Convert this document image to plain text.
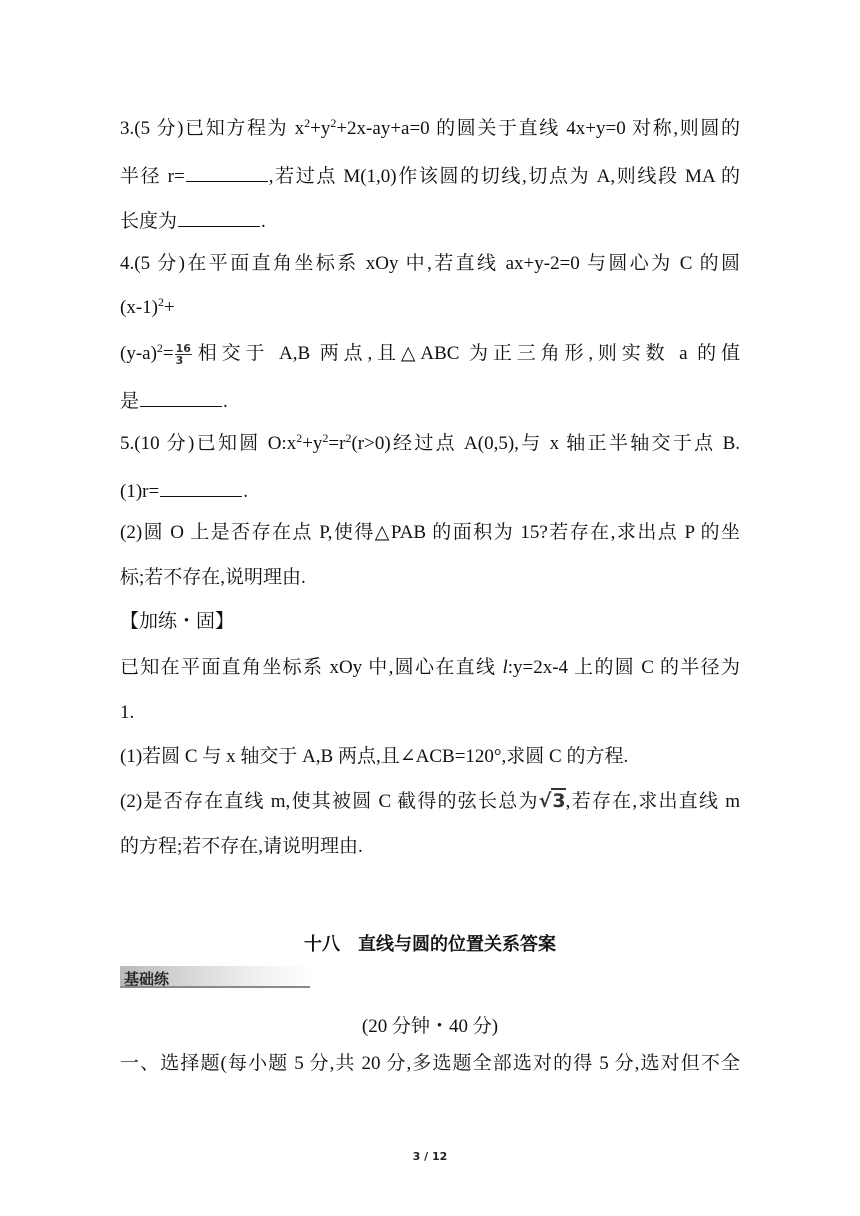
3.(5 分)已知方程为 $x^2+y^2+2x-ay+a=0$ 的圆关于直线 4x+y=0 对称,则圆的
半径 r=	,若过点 M(1,0)作该圆的切线,切点为 A,则线段 MA 的
长度为	.
4.(5 分)在平面直角坐标系 xOy 中,若直线 ax+y-2=0 与圆心为 C 的圆
$(x-1)^2+$
$(y-a)^2= \frac{16}{3}$ 相交于 A,B 两点,且△ABC 为正三角形,则实数 a 的值
是	.
5.(10 分)已知圆 $O:x^2+y^2=r^2(r>0)$经过点 A(0,5),与 x 轴正半轴交于点 B.
(1)r=	.
(2)圆 O 上是否存在点 P,使得△PAB 的面积为 15?若存在,求出点 P 的坐
标;若不存在,说明理由.
【加练・固】
已知在平面直角坐标系 xOy 中,圆心在直线 l:y=2x-4 上的圆 C 的半径为
1.
(1)若圆 C 与 x 轴交于 A,B 两点,且∠ACB=120°,求圆 C 的方程.
(2)是否存在直线 m,使其被圆 C 截得的弦长总为√3,若存在,求出直线 m
的方程;若不存在,请说明理由.
十八　直线与圆的位置关系答案
基础练
(20 分钟・40 分)
一、选择题(每小题 5 分,共 20 分,多选题全部选对的得 5 分,选对但不全
3 / 12
